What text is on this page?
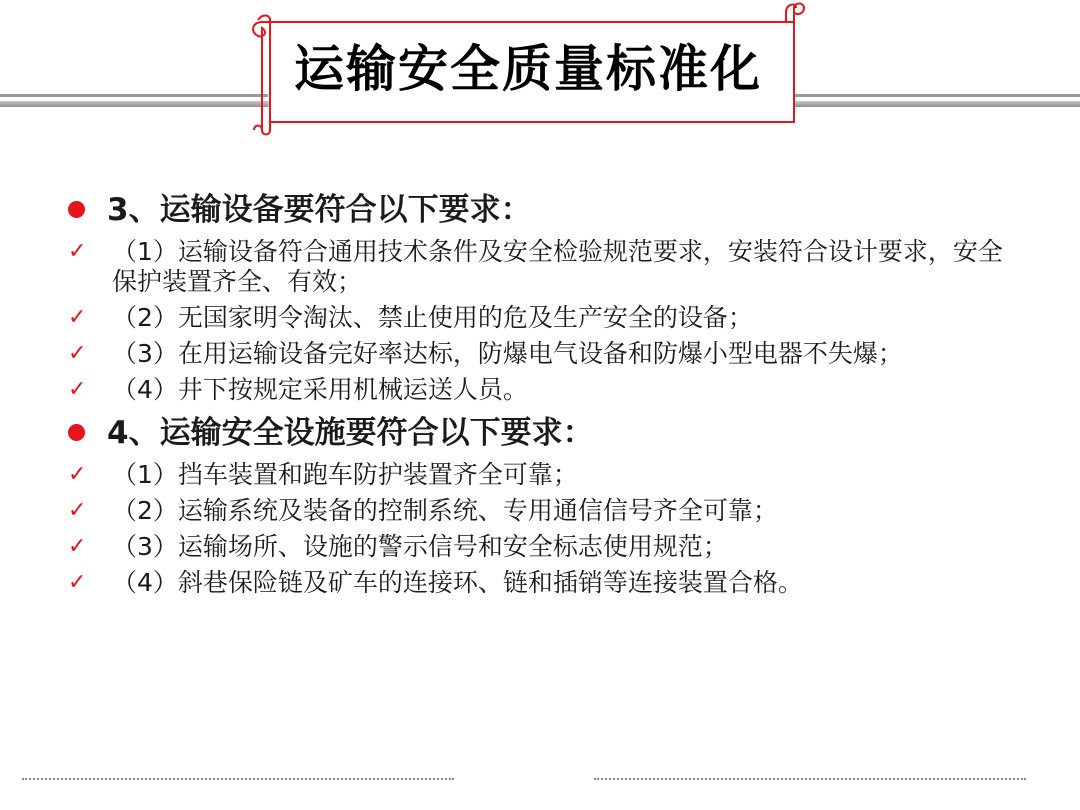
运输安全质量标准化
3、运输设备要符合以下要求：
✓	（1）运输设备符合通用技术条件及安全检验规范要求，安装符合设计要求，安全保护装置齐全、有效；
✓	（2）无国家明令淘汰、禁止使用的危及生产安全的设备；
✓	（3）在用运输设备完好率达标，防爆电气设备和防爆小型电器不失爆；
✓	（4）井下按规定采用机械运送人员。
4、运输安全设施要符合以下要求：
✓	（1）挡车装置和跑车防护装置齐全可靠；
✓	（2）运输系统及装备的控制系统、专用通信信号齐全可靠；
✓	（3）运输场所、设施的警示信号和安全标志使用规范；
✓	（4）斜巷保险链及矿车的连接环、链和插销等连接装置合格。
